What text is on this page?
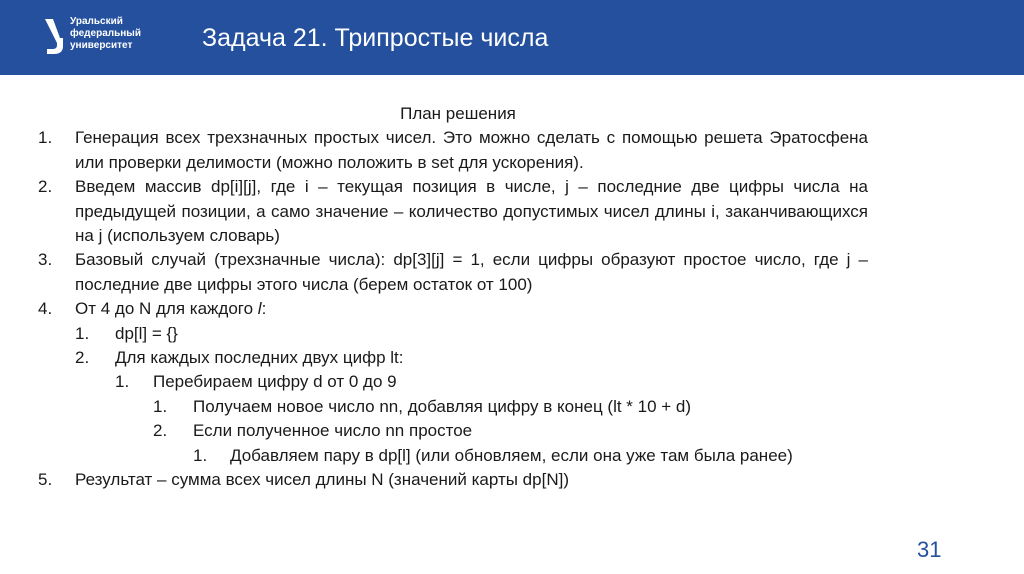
Уральский
федеральный
университет	Задача 21. Трипростые числа
План решения
1.	Генерация всех трехзначных простых чисел. Это можно сделать с помощью решета Эратосфена или проверки делимости (можно положить в set для ускорения).
2.	Введем массив dp[i][j], где i – текущая позиция в числе, j – последние две цифры числа на предыдущей позиции, а само значение – количество допустимых чисел длины i, заканчивающихся на j (используем словарь)
3.	Базовый случай (трехзначные числа): dp[3][j] = 1, если цифры образуют простое число, где j – последние две цифры этого числа (берем остаток от 100)
4.	От 4 до N для каждого l:
1.	dp[l] = {}
2.	Для каждых последних двух цифр lt:
1.	Перебираем цифру d от 0 до 9
1.	Получаем новое число nn, добавляя цифру в конец (lt * 10 + d)
2.	Если полученное число nn простое
1.	Добавляем пару в dp[l] (или обновляем, если она уже там была ранее)
5.	Результат – сумма всех чисел длины N (значений карты dp[N])
31
